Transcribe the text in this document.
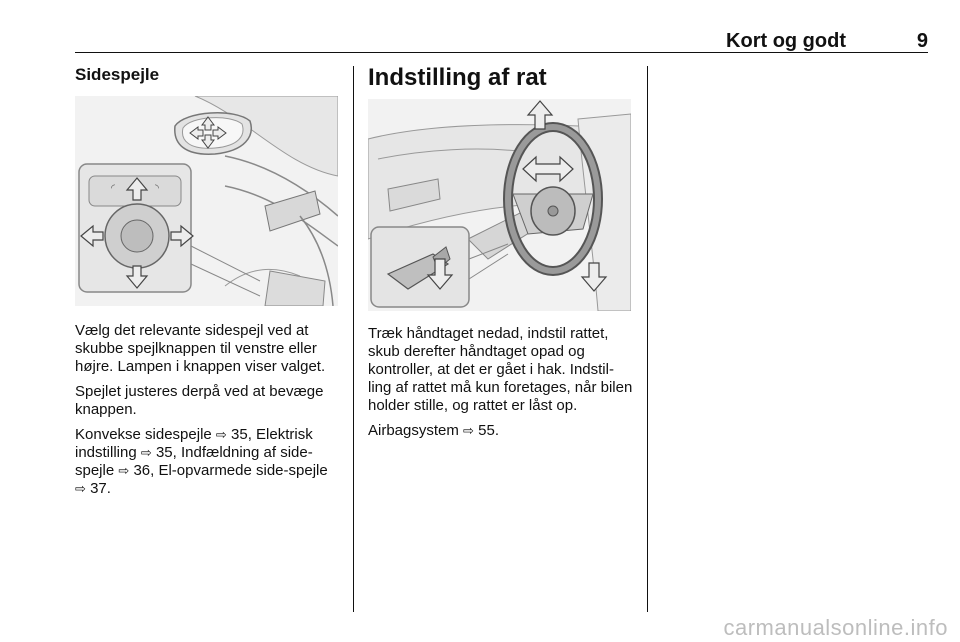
Kort og godt	9
Sidespejle
◜	◝

Vælg det relevante sidespejl ved at skubbe spejlknappen til venstre eller højre. Lampen i knappen viser valget.

Spejlet justeres derpå ved at bevæge knappen.

Konvekse sidespejle ⇨ 35, Elektrisk indstilling ⇨ 35, Indfældning af side-spejle ⇨ 36, El-opvarmede side-spejle ⇨ 37.

Indstilling af rat

Træk håndtaget nedad, indstil rattet, skub derefter håndtaget opad og kontroller, at det er gået i hak. Indstil-ling af rattet må kun foretages, når bilen holder stille, og rattet er låst op.

Airbagsystem ⇨ 55.

carmanualsonline.info
